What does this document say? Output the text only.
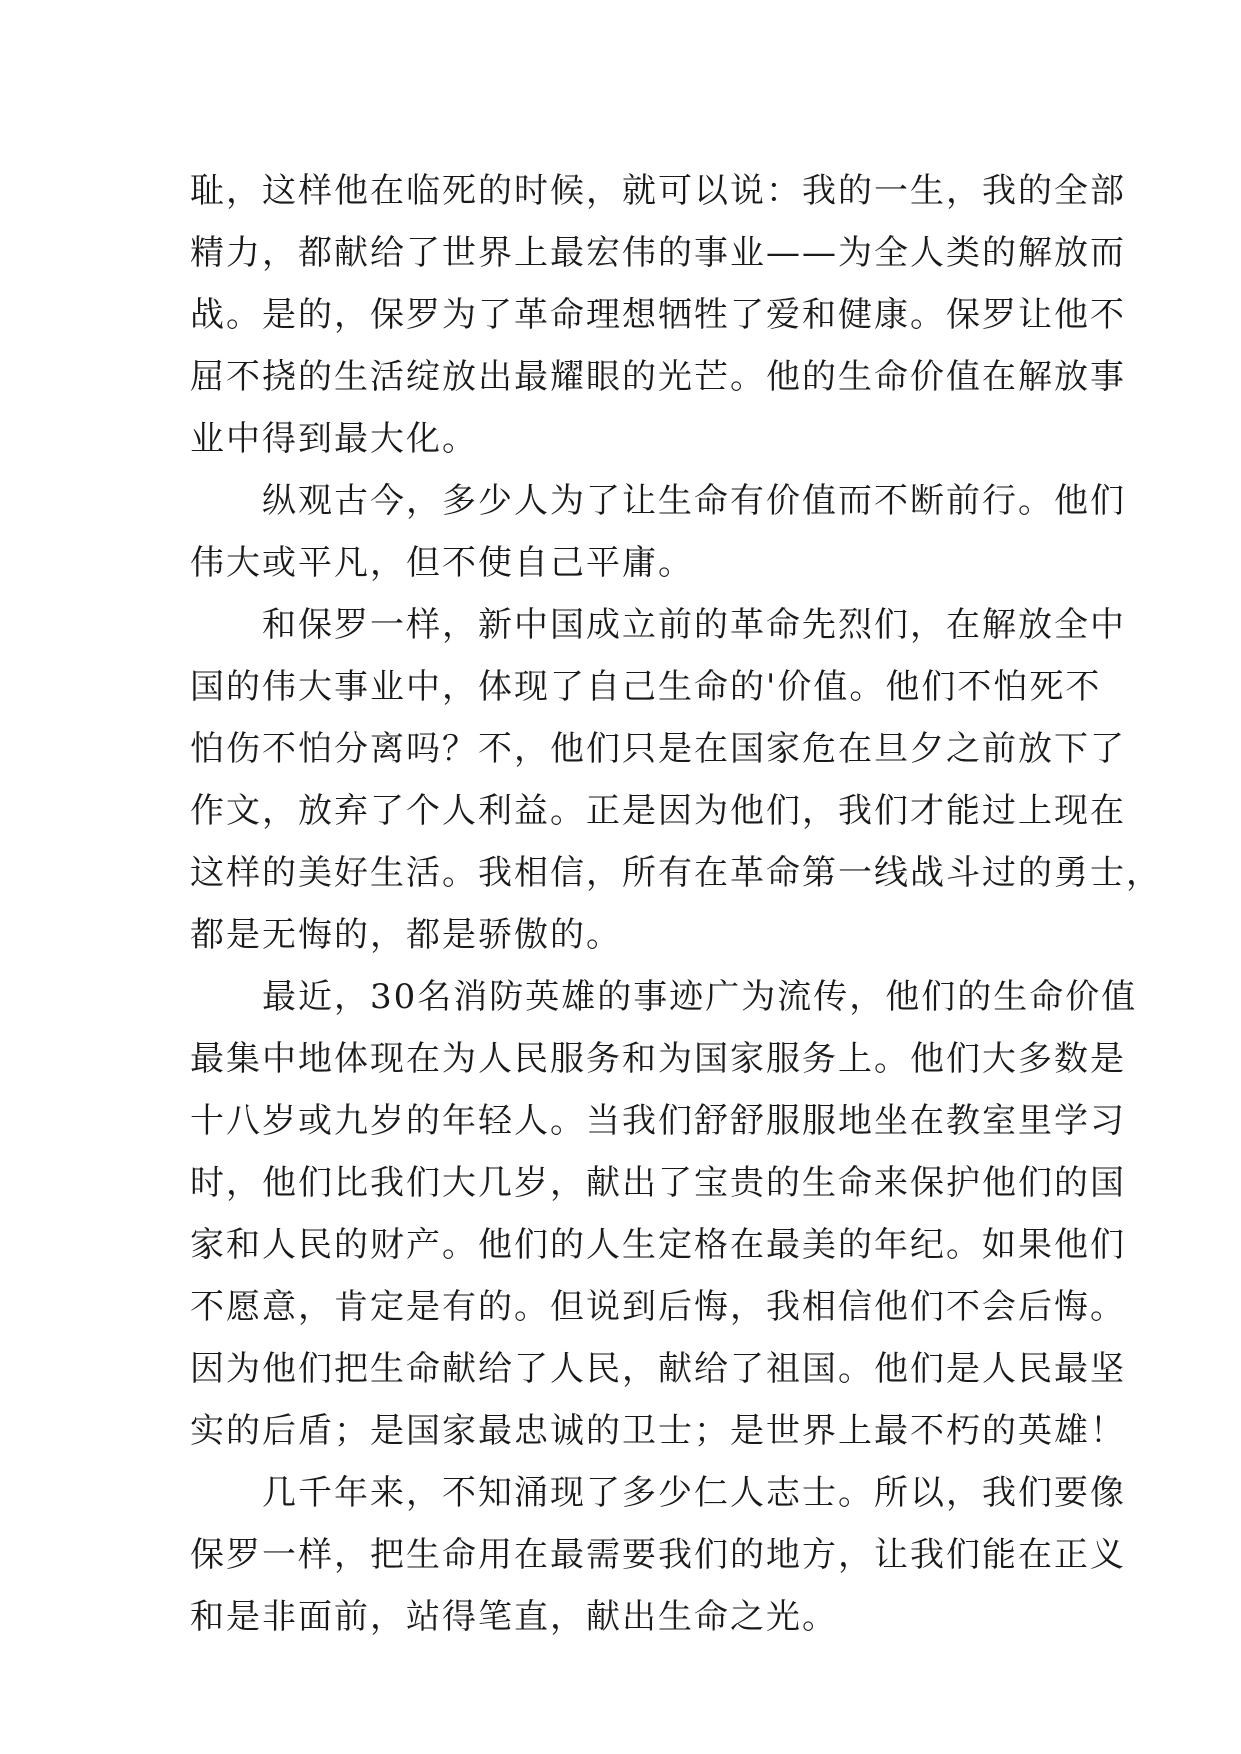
耻，这样他在临死的时候，就可以说：我的一生，我的全部
精力，都献给了世界上最宏伟的事业——为全人类的解放而
战。是的，保罗为了革命理想牺牲了爱和健康。保罗让他不
屈不挠的生活绽放出最耀眼的光芒。他的生命价值在解放事
业中得到最大化。
　　纵观古今，多少人为了让生命有价值而不断前行。他们
伟大或平凡，但不使自己平庸。
　　和保罗一样，新中国成立前的革命先烈们，在解放全中
国的伟大事业中，体现了自己生命的'价值。他们不怕死不
怕伤不怕分离吗？不，他们只是在国家危在旦夕之前放下了
作文，放弃了个人利益。正是因为他们，我们才能过上现在
这样的美好生活。我相信，所有在革命第一线战斗过的勇士，
都是无悔的，都是骄傲的。
　　最近，30名消防英雄的事迹广为流传，他们的生命价值
最集中地体现在为人民服务和为国家服务上。他们大多数是
十八岁或九岁的年轻人。当我们舒舒服服地坐在教室里学习
时，他们比我们大几岁，献出了宝贵的生命来保护他们的国
家和人民的财产。他们的人生定格在最美的年纪。如果他们
不愿意，肯定是有的。但说到后悔，我相信他们不会后悔。
因为他们把生命献给了人民，献给了祖国。他们是人民最坚
实的后盾；是国家最忠诚的卫士；是世界上最不朽的英雄！
　　几千年来，不知涌现了多少仁人志士。所以，我们要像
保罗一样，把生命用在最需要我们的地方，让我们能在正义
和是非面前，站得笔直，献出生命之光。
